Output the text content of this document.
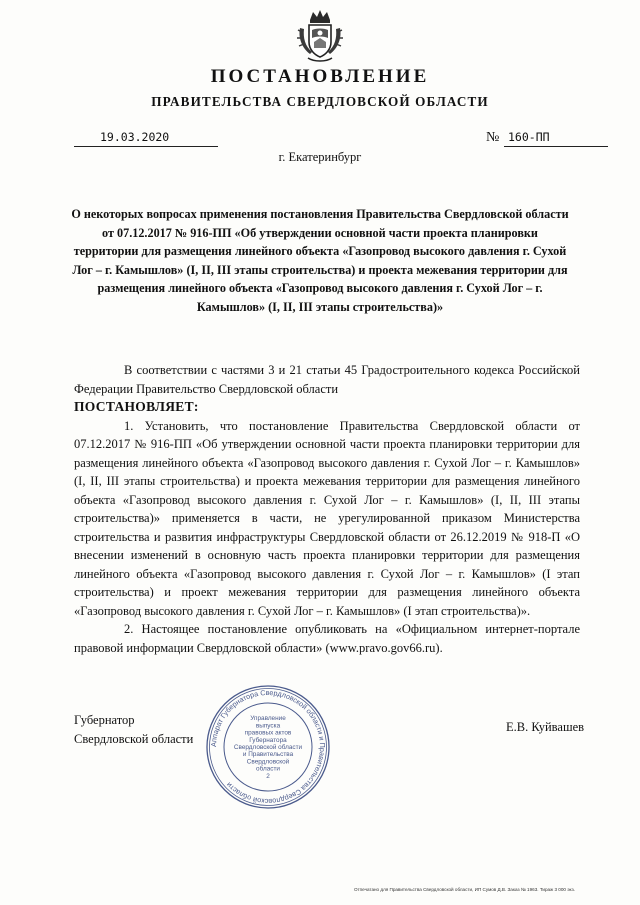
ПОСТАНОВЛЕНИЕ
ПРАВИТЕЛЬСТВА СВЕРДЛОВСКОЙ ОБЛАСТИ
19.03.2020	№ 160-ПП
г. Екатеринбург
О некоторых вопросах применения постановления Правительства Свердловской области от 07.12.2017 № 916-ПП «Об утверждении основной части проекта планировки территории для размещения линейного объекта «Газопровод высокого давления г. Сухой Лог – г. Камышлов» (I, II, III этапы строительства) и проекта межевания территории для размещения линейного объекта «Газопровод высокого давления г. Сухой Лог – г. Камышлов» (I, II, III этапы строительства)»

В соответствии с частями 3 и 21 статьи 45 Градостроительного кодекса Российской Федерации Правительство Свердловской области

ПОСТАНОВЛЯЕТ:

1. Установить, что постановление Правительства Свердловской области от 07.12.2017 № 916-ПП «Об утверждении основной части проекта планировки территории для размещения линейного объекта «Газопровод высокого давления г. Сухой Лог – г. Камышлов» (I, II, III этапы строительства) и проекта межевания территории для размещения линейного объекта «Газопровод высокого давления г. Сухой Лог – г. Камышлов» (I, II, III этапы строительства)» применяется в части, не урегулированной приказом Министерства строительства и развития инфраструктуры Свердловской области от 26.12.2019 № 918-П «О внесении изменений в основную часть проекта планировки территории для размещения линейного объекта «Газопровод высокого давления г. Сухой Лог – г. Камышлов» (I этап строительства) и проект межевания территории для размещения линейного объекта «Газопровод высокого давления г. Сухой Лог – г. Камышлов» (I этап строительства)».

2. Настоящее постановление опубликовать на «Официальном интернет-портале правовой информации Свердловской области» (www.pravo.gov66.ru).

Губернатор
Свердловской области
Е.В. Куйвашев
Аппарат Губернатора Свердловской области и Правительства Свердловской области
Управление
выпуска
правовых актов
Губернатора
Свердловской области
и Правительства
Свердловской
области
2
Отпечатано для Правительства Свердловской области, ИП Сумов Д.В. Заказ № 1963. Тираж 3 000 экз.
